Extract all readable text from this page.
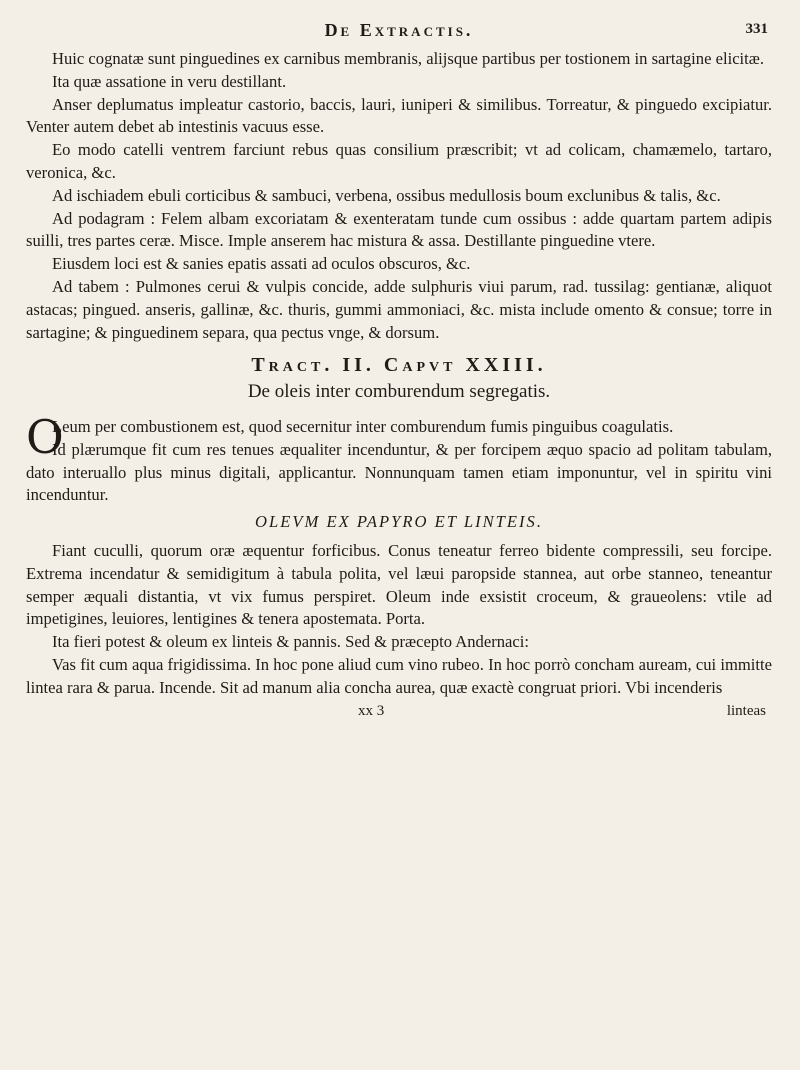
De Extractis.	331

Huic cognatæ sunt pinguedines ex carnibus membranis, alijsque partibus per tostionem in sartagine elicitæ.

Ita quæ assatione in veru destillant.

Anser deplumatus impleatur castorio, baccis, lauri, iuniperi & similibus. Torreatur, & pinguedo excipiatur. Venter autem debet ab intestinis vacuus esse.

Eo modo catelli ventrem farciunt rebus quas consilium præscribit; vt ad colicam, chamæmelo, tartaro, veronica, &c.

Ad ischiadem ebuli corticibus & sambuci, verbena, ossibus medullosis boum exclunibus & talis, &c.

Ad podagram : Felem albam excoriatam & exenteratam tunde cum ossibus : adde quartam partem adipis suilli, tres partes ceræ. Misce. Imple anserem hac mistura & assa. Destillante pinguedine vtere.

Eiusdem loci est & sanies epatis assati ad oculos obscuros, &c.

Ad tabem : Pulmones cerui & vulpis concide, adde sulphuris viui parum, rad. tussilag: gentianæ, aliquot astacas; pingued. anseris, gallinæ, &c. thuris, gummi ammoniaci, &c. mista include omento & consue; torre in sartagine; & pinguedinem separa, qua pectus vnge, & dorsum.

Tract. II. Capvt XXIII.
De oleis inter comburendum segregatis.
O

Leum per combustionem est, quod secernitur inter comburendum fumis pinguibus coagulatis.

Id plærumque fit cum res tenues æqualiter incenduntur, & per forcipem æquo spacio ad politam tabulam, dato interuallo plus minus digitali, applicantur. Nonnunquam tamen etiam imponuntur, vel in spiritu vini incenduntur.

OLEVM EX PAPYRO ET LINTEIS.

Fiant cuculli, quorum oræ æquentur forficibus. Conus teneatur ferreo bidente compressili, seu forcipe. Extrema incendatur & semidigitum à tabula polita, vel læui paropside stannea, aut orbe stanneo, teneantur semper æquali distantia, vt vix fumus perspiret. Oleum inde exsistit croceum, & graueolens: vtile ad impetigines, leuiores, lentigines & tenera apostemata. Porta.

Ita fieri potest & oleum ex linteis & pannis. Sed & præcepto Andernaci:

Vas fit cum aqua frigidissima. In hoc pone aliud cum vino rubeo. In hoc porrò concham auream, cui immitte lintea rara & parua. Incende. Sit ad manum alia concha aurea, quæ exactè congruat priori. Vbi incenderis

xx 3	linteas
